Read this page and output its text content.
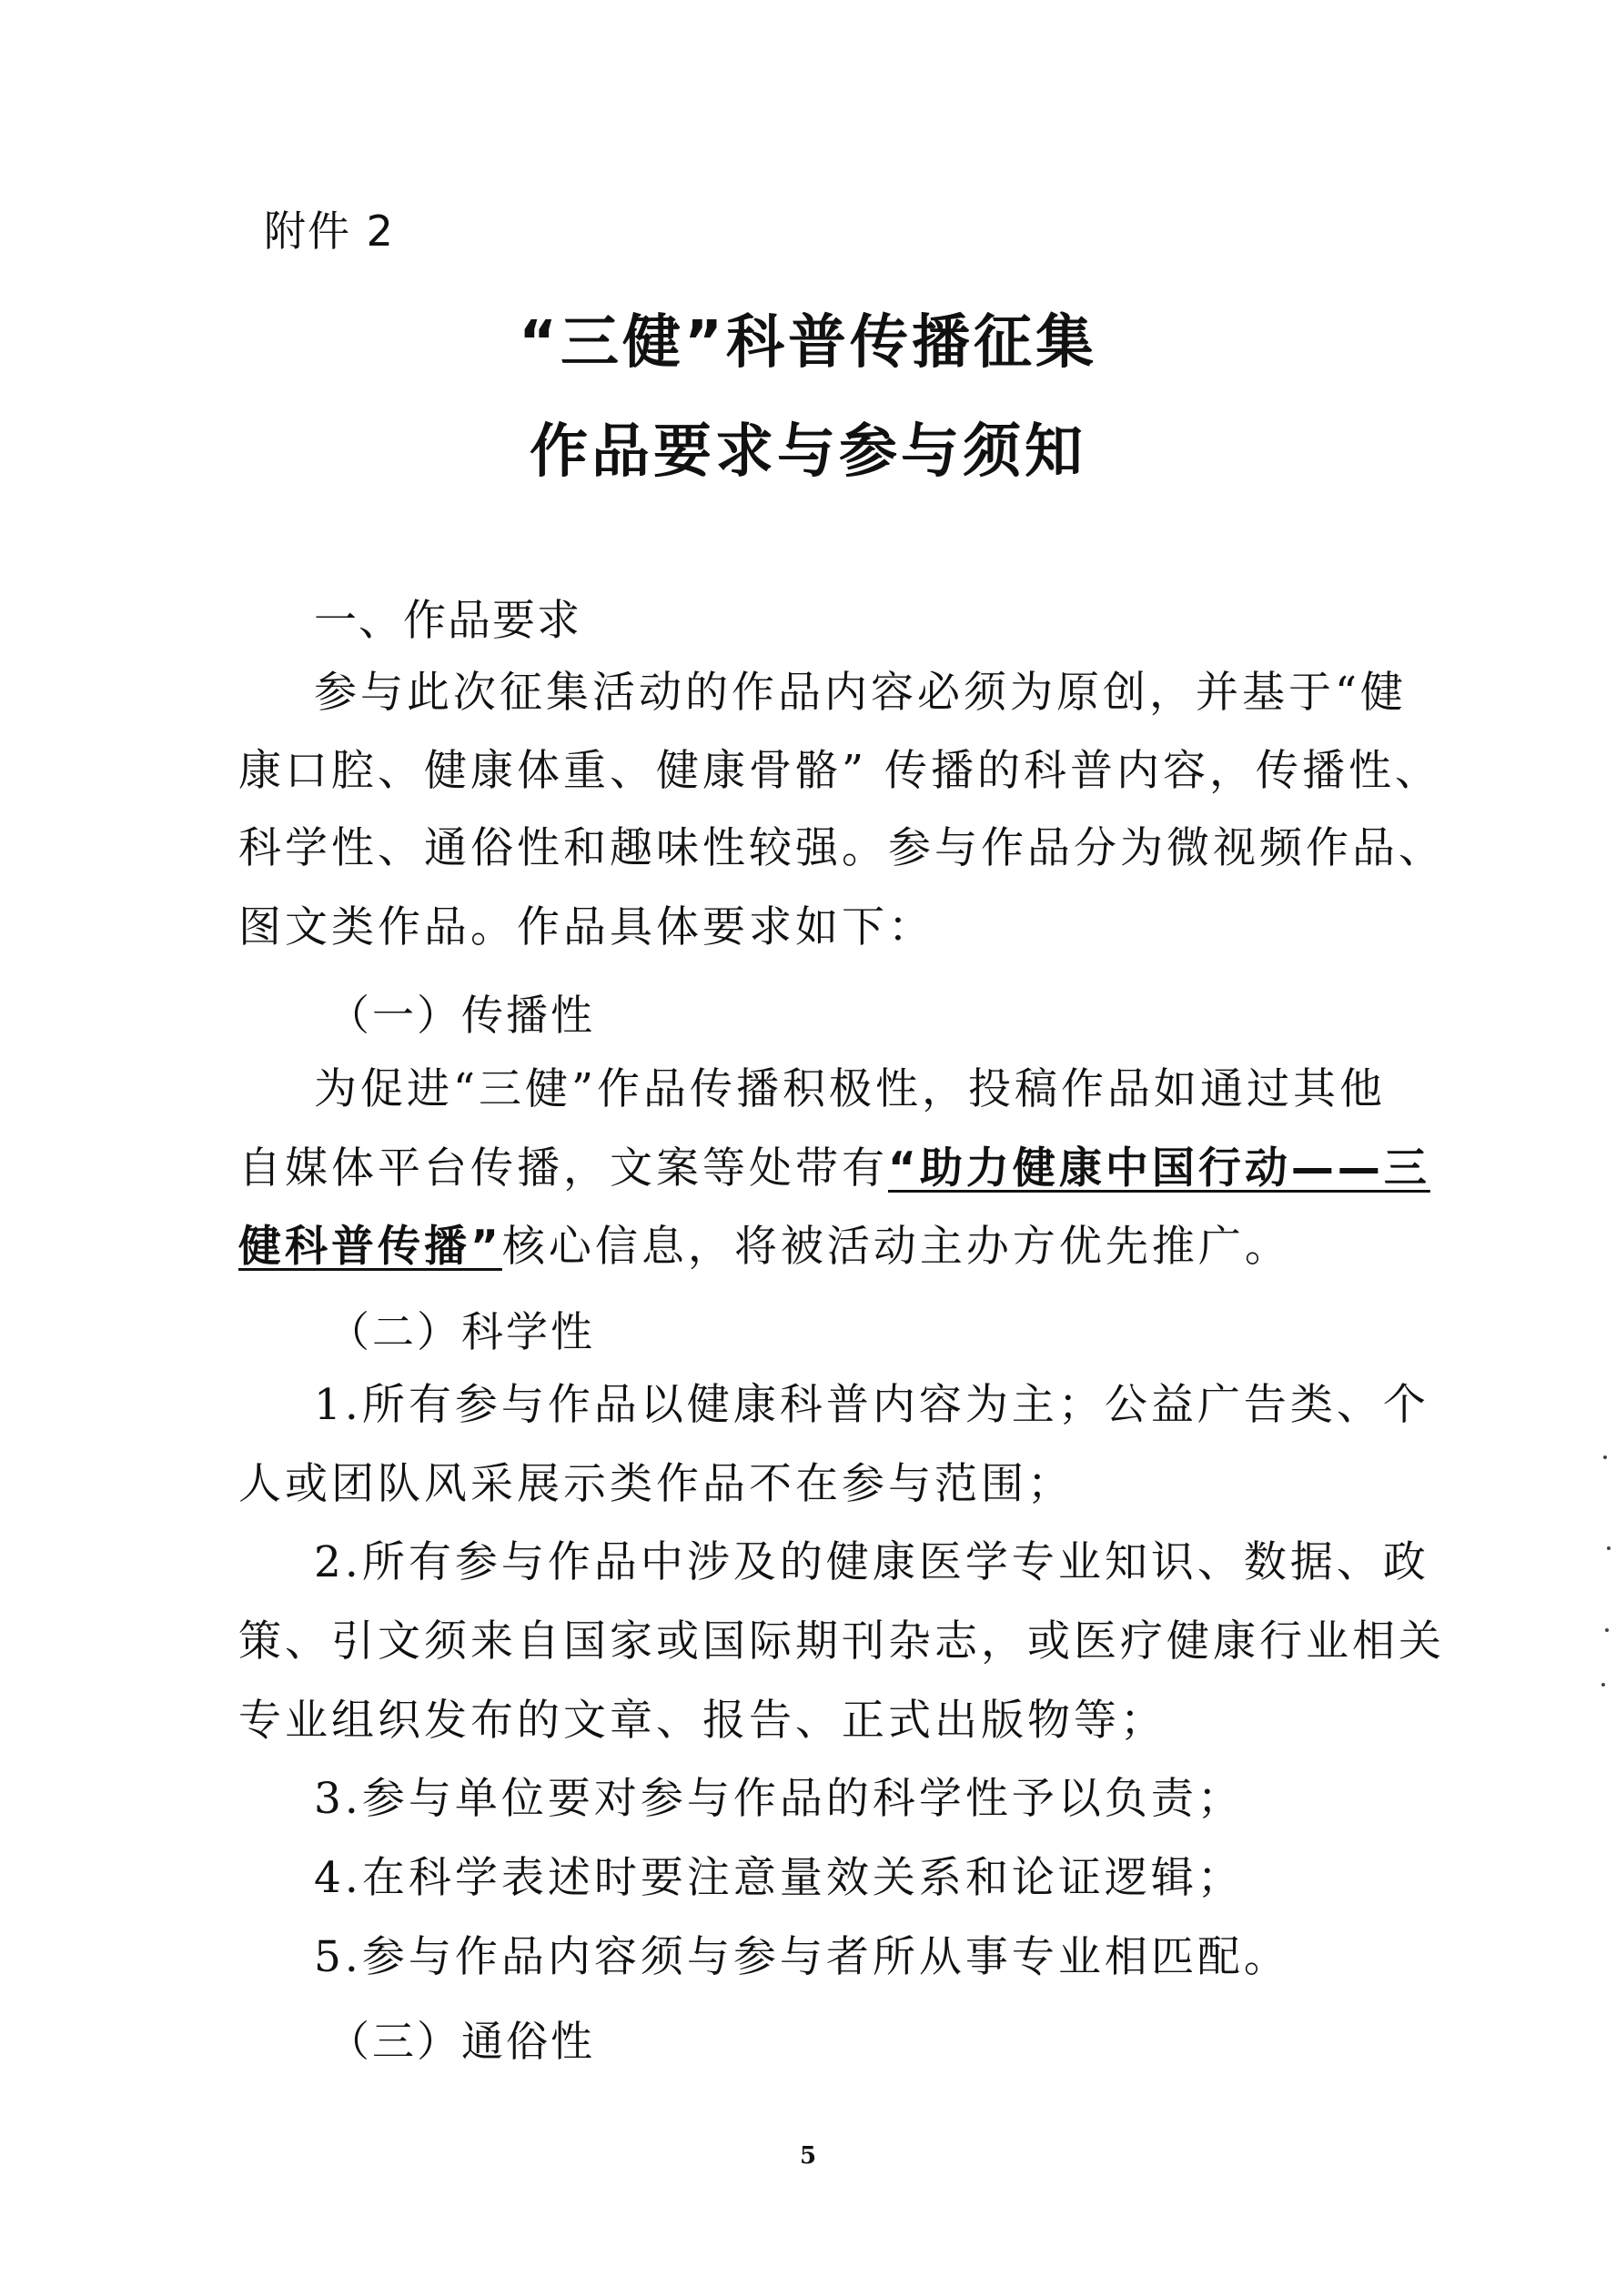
附件 2
“三健”科普传播征集
作品要求与参与须知
一、作品要求
参与此次征集活动的作品内容必须为原创，并基于“健
康口腔、健康体重、健康骨骼” 传播的科普内容，传播性、
科学性、通俗性和趣味性较强。参与作品分为微视频作品、
图文类作品。作品具体要求如下：
（一）传播性
为促进“三健”作品传播积极性，投稿作品如通过其他
自媒体平台传播，文案等处带有“助力健康中国行动——三
健科普传播”核心信息，将被活动主办方优先推广。
（二）科学性
1.所有参与作品以健康科普内容为主；公益广告类、个
人或团队风采展示类作品不在参与范围；
2.所有参与作品中涉及的健康医学专业知识、数据、政
策、引文须来自国家或国际期刊杂志，或医疗健康行业相关
专业组织发布的文章、报告、正式出版物等；
3.参与单位要对参与作品的科学性予以负责；
4.在科学表述时要注意量效关系和论证逻辑；
5.参与作品内容须与参与者所从事专业相匹配。
（三）通俗性
5
